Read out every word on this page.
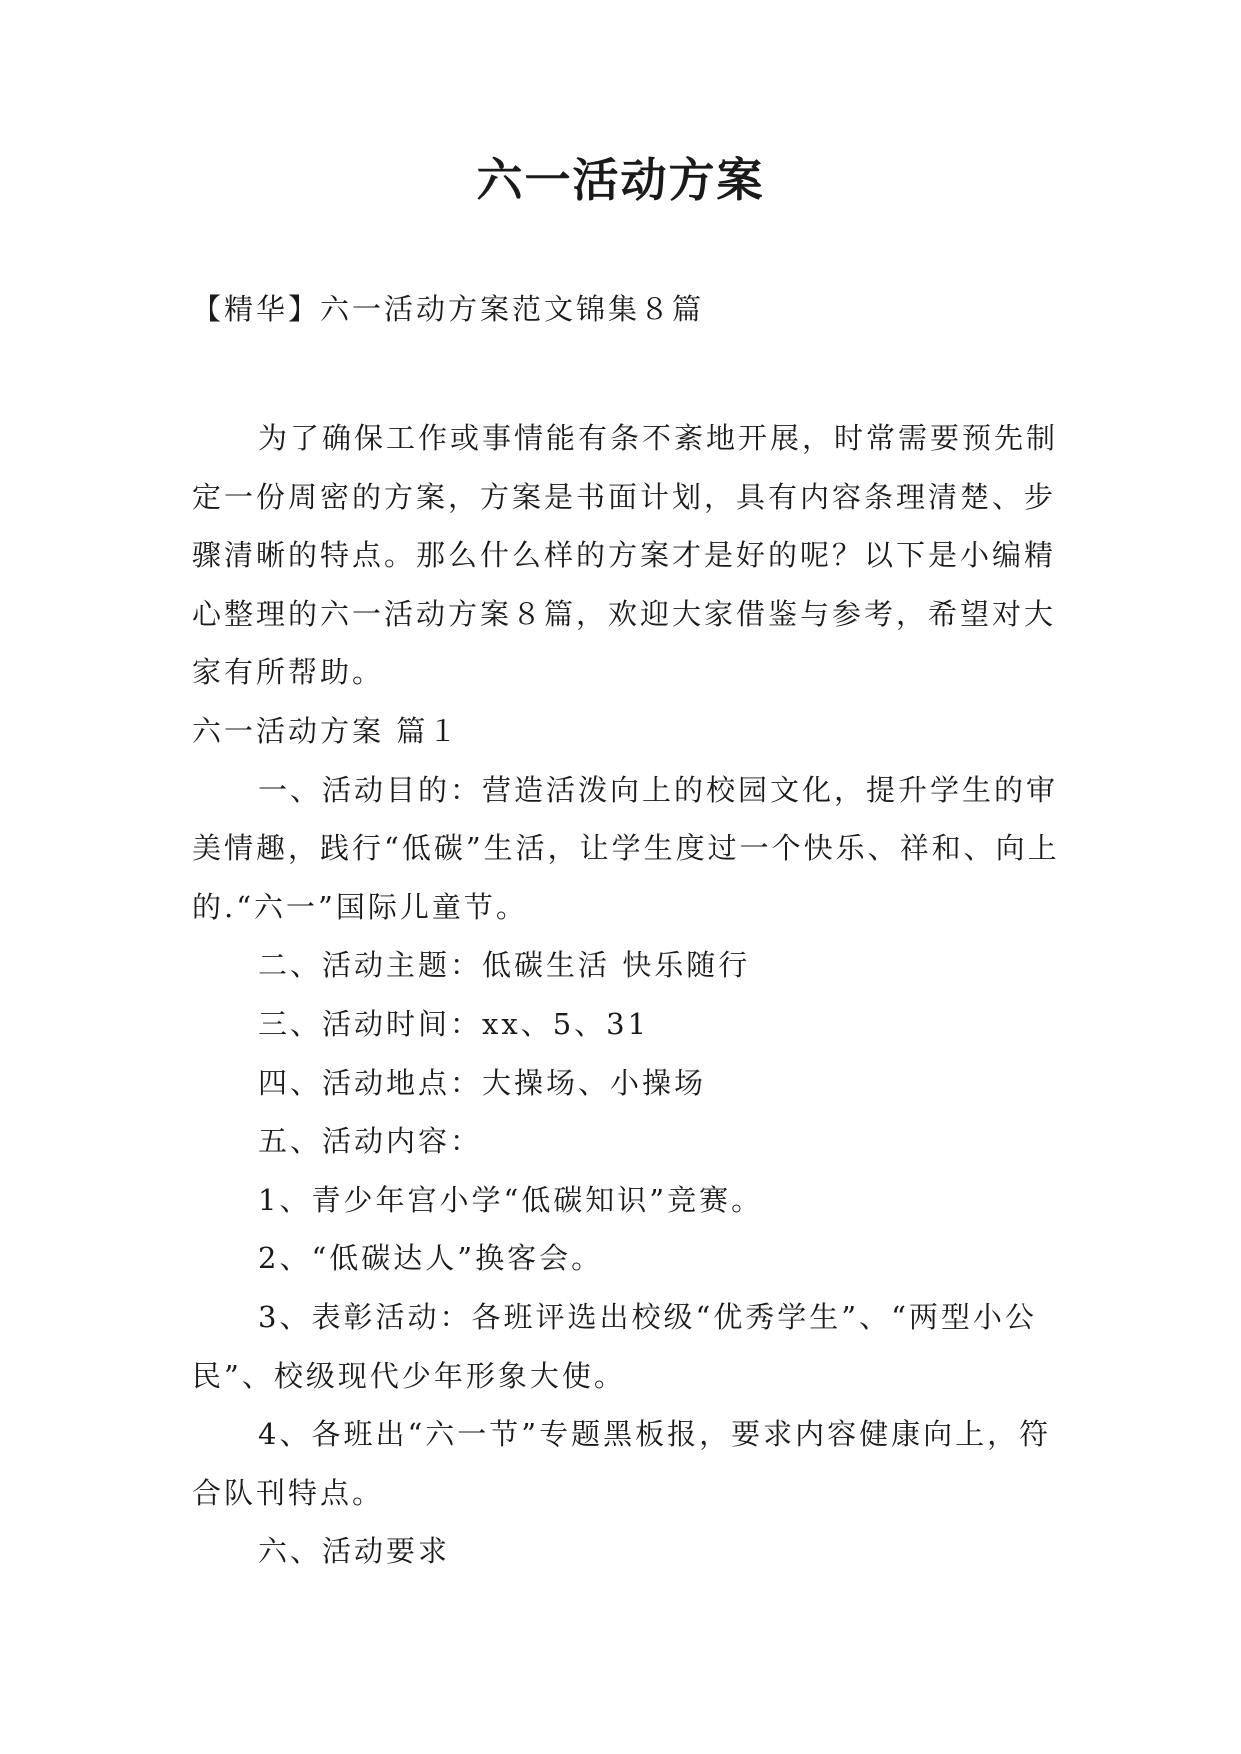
六一活动方案
【精华】六一活动方案范文锦集８篇

为了确保工作或事情能有条不紊地开展，时常需要预先制定一份周密的方案，方案是书面计划，具有内容条理清楚、步骤清晰的特点。那么什么样的方案才是好的呢？以下是小编精心整理的六一活动方案８篇，欢迎大家借鉴与参考，希望对大家有所帮助。

六一活动方案 篇１

一、活动目的：营造活泼向上的校园文化，提升学生的审美情趣，践行“低碳”生活，让学生度过一个快乐、祥和、向上的.“六一”国际儿童节。

二、活动主题：低碳生活 快乐随行

三、活动时间：xx、5、31

四、活动地点：大操场、小操场

五、活动内容：

1、青少年宫小学“低碳知识”竞赛。

2、“低碳达人”换客会。

3、表彰活动：各班评选出校级“优秀学生”、“两型小公民”、校级现代少年形象大使。

4、各班出“六一节”专题黑板报，要求内容健康向上，符合队刊特点。

六、活动要求
